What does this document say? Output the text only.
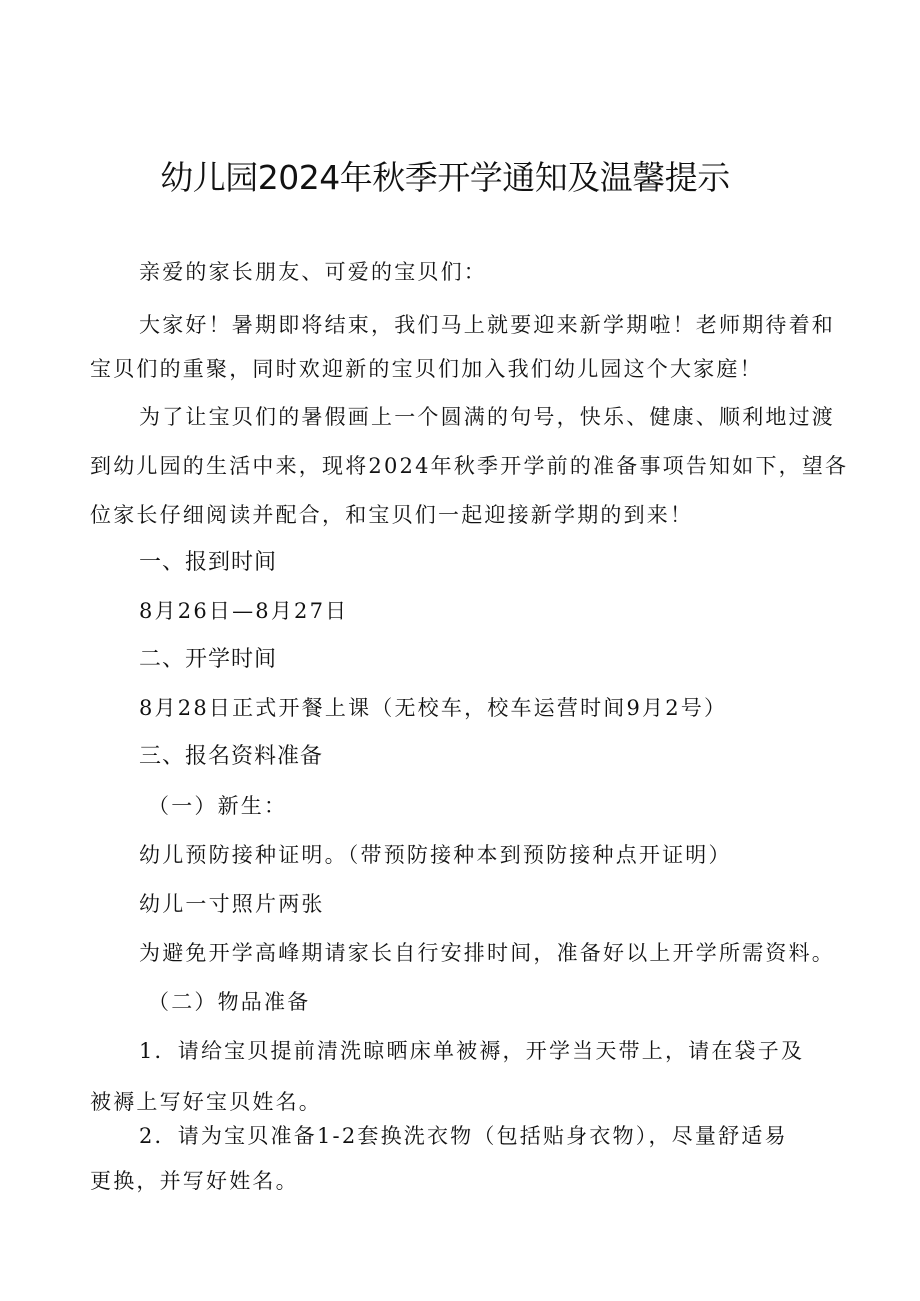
幼儿园2024年秋季开学通知及温馨提示

亲爱的家长朋友、可爱的宝贝们：

大家好！暑期即将结束，我们马上就要迎来新学期啦！老师期待着和

宝贝们的重聚，同时欢迎新的宝贝们加入我们幼儿园这个大家庭！

为了让宝贝们的暑假画上一个圆满的句号，快乐、健康、顺利地过渡

到幼儿园的生活中来，现将2024年秋季开学前的准备事项告知如下，望各

位家长仔细阅读并配合，和宝贝们一起迎接新学期的到来！

一、报到时间

8月26日—8月27日

二、开学时间

8月28日正式开餐上课（无校车，校车运营时间9月2号）

三、报名资料准备

（一）新生：

幼儿预防接种证明。（带预防接种本到预防接种点开证明）

幼儿一寸照片两张

为避免开学高峰期请家长自行安排时间，准备好以上开学所需资料。

（二）物品准备

1．请给宝贝提前清洗晾晒床单被褥，开学当天带上，请在袋子及

被褥上写好宝贝姓名。

2．请为宝贝准备1-2套换洗衣物（包括贴身衣物），尽量舒适易

更换，并写好姓名。
